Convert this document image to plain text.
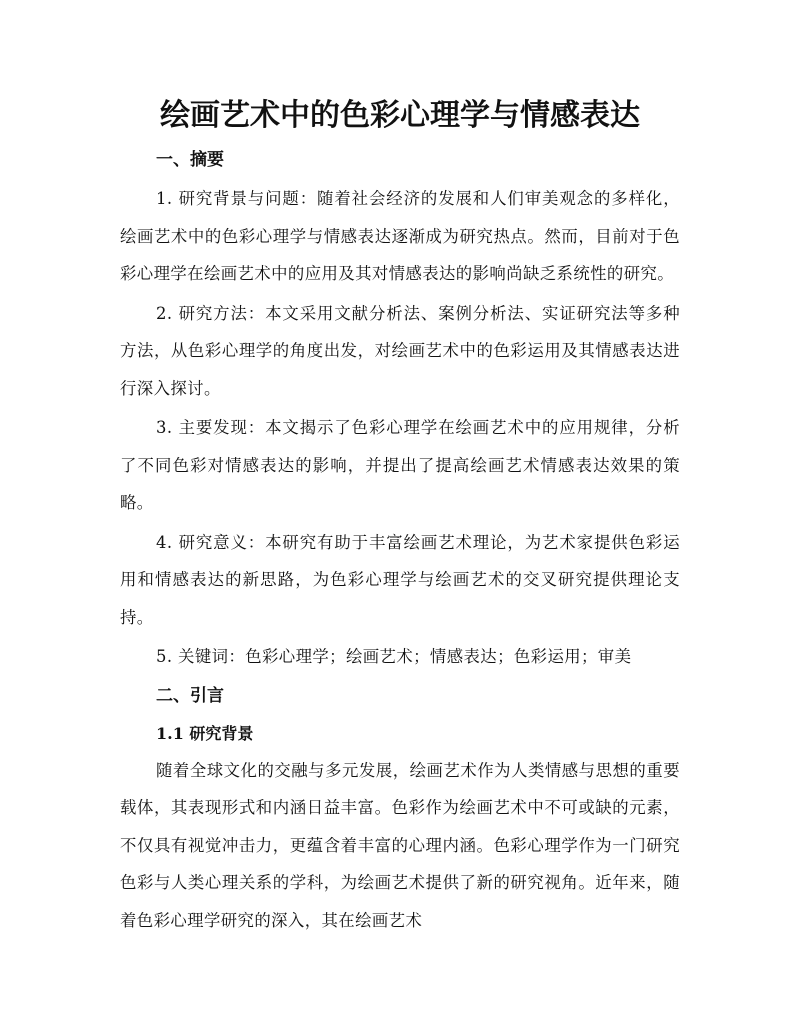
绘画艺术中的色彩心理学与情感表达
一、摘要

1. 研究背景与问题：随着社会经济的发展和人们审美观念的多样化，绘画艺术中的色彩心理学与情感表达逐渐成为研究热点。然而，目前对于色彩心理学在绘画艺术中的应用及其对情感表达的影响尚缺乏系统性的研究。

2. 研究方法：本文采用文献分析法、案例分析法、实证研究法等多种方法，从色彩心理学的角度出发，对绘画艺术中的色彩运用及其情感表达进行深入探讨。

3. 主要发现：本文揭示了色彩心理学在绘画艺术中的应用规律，分析了不同色彩对情感表达的影响，并提出了提高绘画艺术情感表达效果的策略。

4. 研究意义：本研究有助于丰富绘画艺术理论，为艺术家提供色彩运用和情感表达的新思路，为色彩心理学与绘画艺术的交叉研究提供理论支持。

5. 关键词：色彩心理学；绘画艺术；情感表达；色彩运用；审美

二、引言
1.1 研究背景

随着全球文化的交融与多元发展，绘画艺术作为人类情感与思想的重要载体，其表现形式和内涵日益丰富。色彩作为绘画艺术中不可或缺的元素，不仅具有视觉冲击力，更蕴含着丰富的心理内涵。色彩心理学作为一门研究色彩与人类心理关系的学科，为绘画艺术提供了新的研究视角。近年来，随着色彩心理学研究的深入，其在绘画艺术
